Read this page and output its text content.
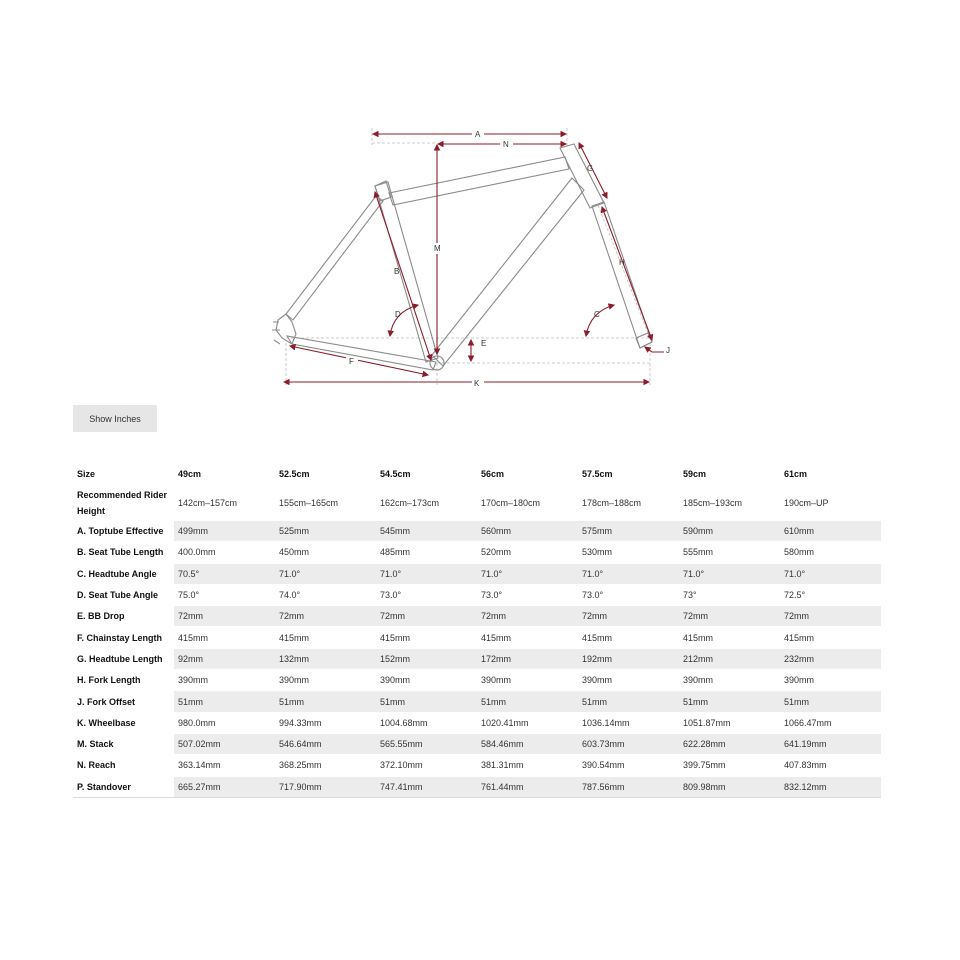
A
N
G
M
B
H
D	C
E
F
J
K
Show Inches
Size	49cm	52.5cm	54.5cm	56cm	57.5cm	59cm	61cm
Recommended Rider Height	142cm–157cm	155cm–165cm	162cm–173cm	170cm–180cm	178cm–188cm	185cm–193cm	190cm–UP
A. Toptube Effective	499mm	525mm	545mm	560mm	575mm	590mm	610mm
B. Seat Tube Length	400.0mm	450mm	485mm	520mm	530mm	555mm	580mm
C. Headtube Angle	70.5°	71.0°	71.0°	71.0°	71.0°	71.0°	71.0°
D. Seat Tube Angle	75.0°	74.0°	73.0°	73.0°	73.0°	73°	72.5°
E. BB Drop	72mm	72mm	72mm	72mm	72mm	72mm	72mm
F. Chainstay Length	415mm	415mm	415mm	415mm	415mm	415mm	415mm
G. Headtube Length	92mm	132mm	152mm	172mm	192mm	212mm	232mm
H. Fork Length	390mm	390mm	390mm	390mm	390mm	390mm	390mm
J. Fork Offset	51mm	51mm	51mm	51mm	51mm	51mm	51mm
K. Wheelbase	980.0mm	994.33mm	1004.68mm	1020.41mm	1036.14mm	1051.87mm	1066.47mm
M. Stack	507.02mm	546.64mm	565.55mm	584.46mm	603.73mm	622.28mm	641.19mm
N. Reach	363.14mm	368.25mm	372.10mm	381.31mm	390.54mm	399.75mm	407.83mm
P. Standover	665.27mm	717.90mm	747.41mm	761.44mm	787.56mm	809.98mm	832.12mm
